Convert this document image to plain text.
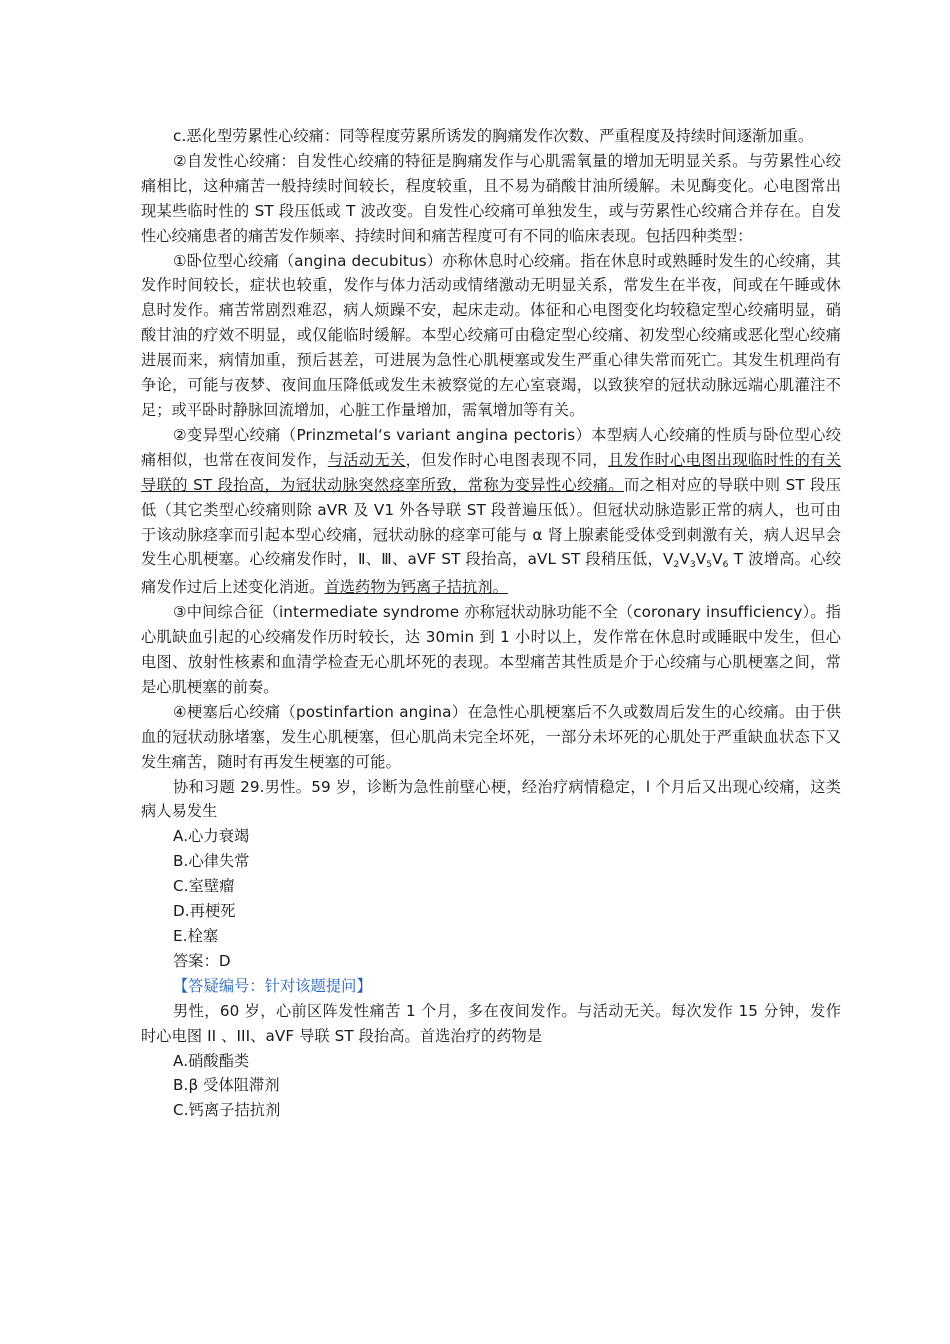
c.恶化型劳累性心绞痛：同等程度劳累所诱发的胸痛发作次数、严重程度及持续时间逐渐加重。

②自发性心绞痛：自发性心绞痛的特征是胸痛发作与心肌需氧量的增加无明显关系。与劳累性心绞痛相比，这种痛苦一般持续时间较长，程度较重，且不易为硝酸甘油所缓解。未见酶变化。心电图常出现某些临时性的 ST 段压低或 T 波改变。自发性心绞痛可单独发生，或与劳累性心绞痛合并存在。自发性心绞痛患者的痛苦发作频率、持续时间和痛苦程度可有不同的临床表现。包括四种类型：

①卧位型心绞痛（angina decubitus）亦称休息时心绞痛。指在休息时或熟睡时发生的心绞痛，其发作时间较长，症状也较重，发作与体力活动或情绪激动无明显关系，常发生在半夜，间或在午睡或休息时发作。痛苦常剧烈难忍，病人烦躁不安，起床走动。体征和心电图变化均较稳定型心绞痛明显，硝酸甘油的疗效不明显，或仅能临时缓解。本型心绞痛可由稳定型心绞痛、初发型心绞痛或恶化型心绞痛进展而来，病情加重，预后甚差，可进展为急性心肌梗塞或发生严重心律失常而死亡。其发生机理尚有争论，可能与夜梦、夜间血压降低或发生未被察觉的左心室衰竭，以致狭窄的冠状动脉远端心肌灌注不足；或平卧时静脉回流增加，心脏工作量增加，需氧增加等有关。

②变异型心绞痛（Prinzmetal‘s variant angina pectoris）本型病人心绞痛的性质与卧位型心绞痛相似，也常在夜间发作，与活动无关，但发作时心电图表现不同，且发作时心电图出现临时性的有关导联的 ST 段抬高，为冠状动脉突然痉挛所致，常称为变异性心绞痛。而之相对应的导联中则 ST 段压低（其它类型心绞痛则除 aVR 及 V1 外各导联 ST 段普遍压低）。但冠状动脉造影正常的病人，也可由于该动脉痉挛而引起本型心绞痛，冠状动脉的痉挛可能与 α 肾上腺素能受体受到刺激有关，病人迟早会发生心肌梗塞。心绞痛发作时，Ⅱ、Ⅲ、aVF ST 段抬高，aVL ST 段稍压低，$V_2V_3V_5V_6$ T 波增高。心绞痛发作过后上述变化消逝。首选药物为钙离子拮抗剂。

③中间综合征（intermediate syndrome 亦称冠状动脉功能不全（coronary insufficiency）。指心肌缺血引起的心绞痛发作历时较长，达 30min 到 1 小时以上，发作常在休息时或睡眠中发生，但心电图、放射性核素和血清学检查无心肌坏死的表现。本型痛苦其性质是介于心绞痛与心肌梗塞之间，常是心肌梗塞的前奏。

④梗塞后心绞痛（postinfartion angina）在急性心肌梗塞后不久或数周后发生的心绞痛。由于供血的冠状动脉堵塞，发生心肌梗塞，但心肌尚未完全坏死，一部分未坏死的心肌处于严重缺血状态下又发生痛苦，随时有再发生梗塞的可能。

协和习题 29.男性。59 岁，诊断为急性前壁心梗，经治疗病情稳定，l 个月后又出现心绞痛，这类病人易发生

A.心力衰竭

B.心律失常

C.室壁瘤

D.再梗死

E.栓塞

答案：D

【答疑编号：针对该题提问】

男性，60 岁，心前区阵发性痛苦 1 个月，多在夜间发作。与活动无关。每次发作 15 分钟，发作时心电图 II 、III、aVF 导联 ST 段抬高。首选治疗的药物是

A.硝酸酯类

B.β 受体阻滞剂

C.钙离子拮抗剂
